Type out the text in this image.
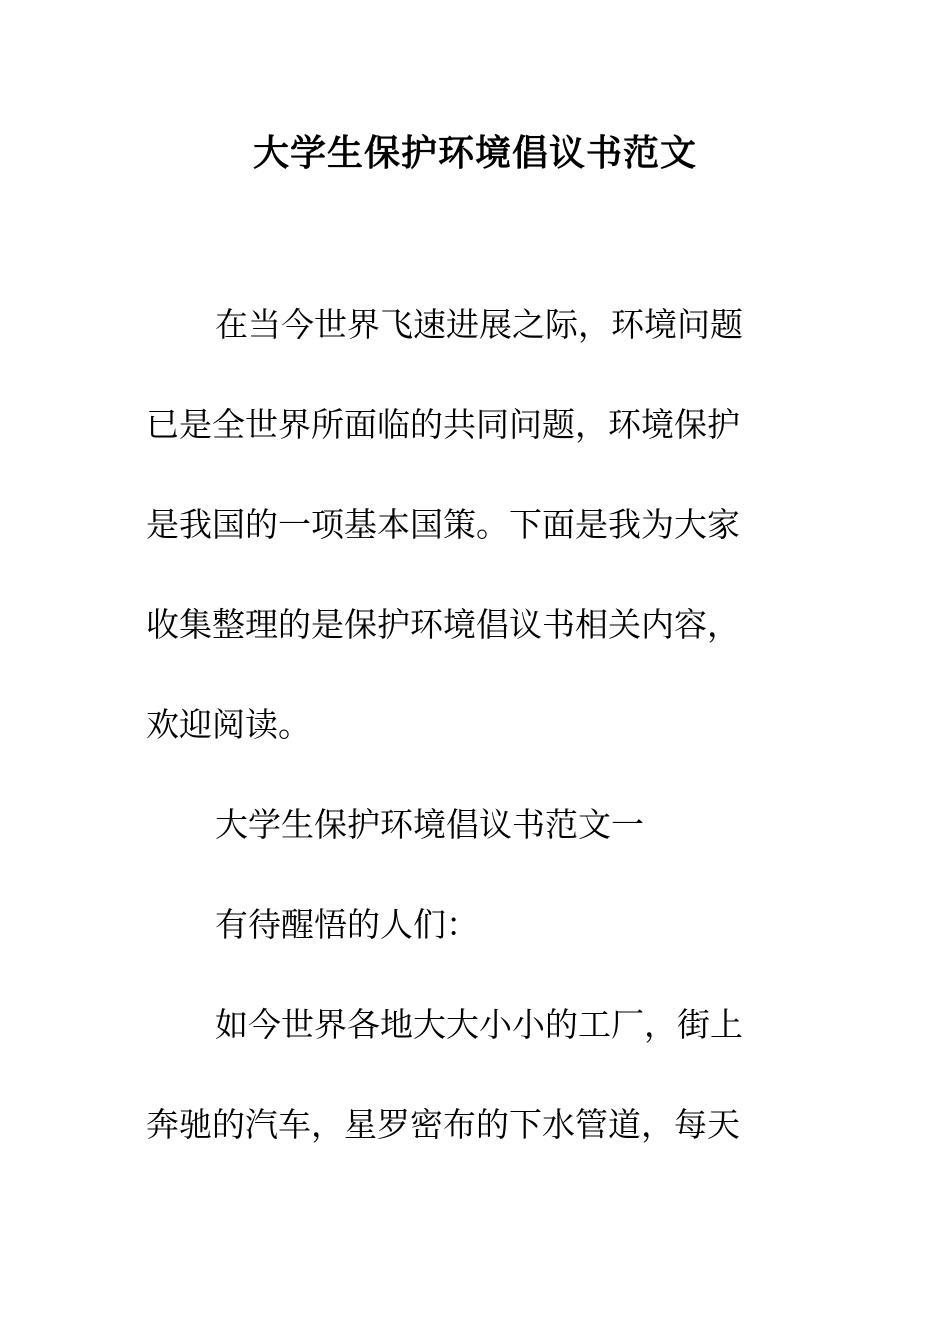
大学生保护环境倡议书范文
在当今世界飞速进展之际，环境问题
已是全世界所面临的共同问题，环境保护
是我国的一项基本国策。下面是我为大家
收集整理的是保护环境倡议书相关内容，
欢迎阅读。
大学生保护环境倡议书范文一
有待醒悟的人们：
如今世界各地大大小小的工厂，街上
奔驰的汽车，星罗密布的下水管道，每天
